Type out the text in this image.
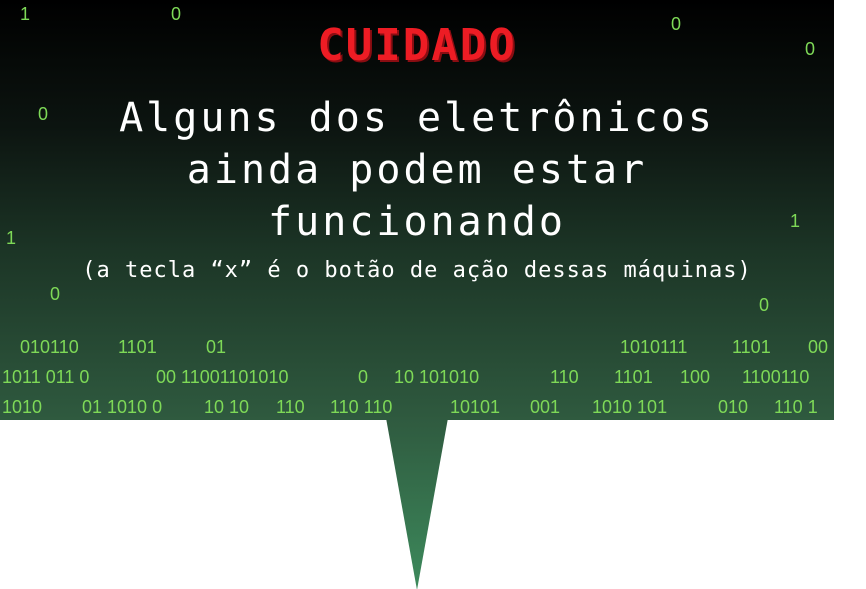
1	0	0
0
0
1
1
0
0
CUIDADO
Alguns dos eletrônicos
ainda podem estar
funcionando
(a tecla “x” é o botão de ação dessas máquinas)
010110 1101	01	1010111 1101 00
1011 011 0	00 11001101010	0 10 101010	110 1101 100 1100110
1010 01 1010 0 10 10 110 110 110	10101 001 1010 101	010 110 1
